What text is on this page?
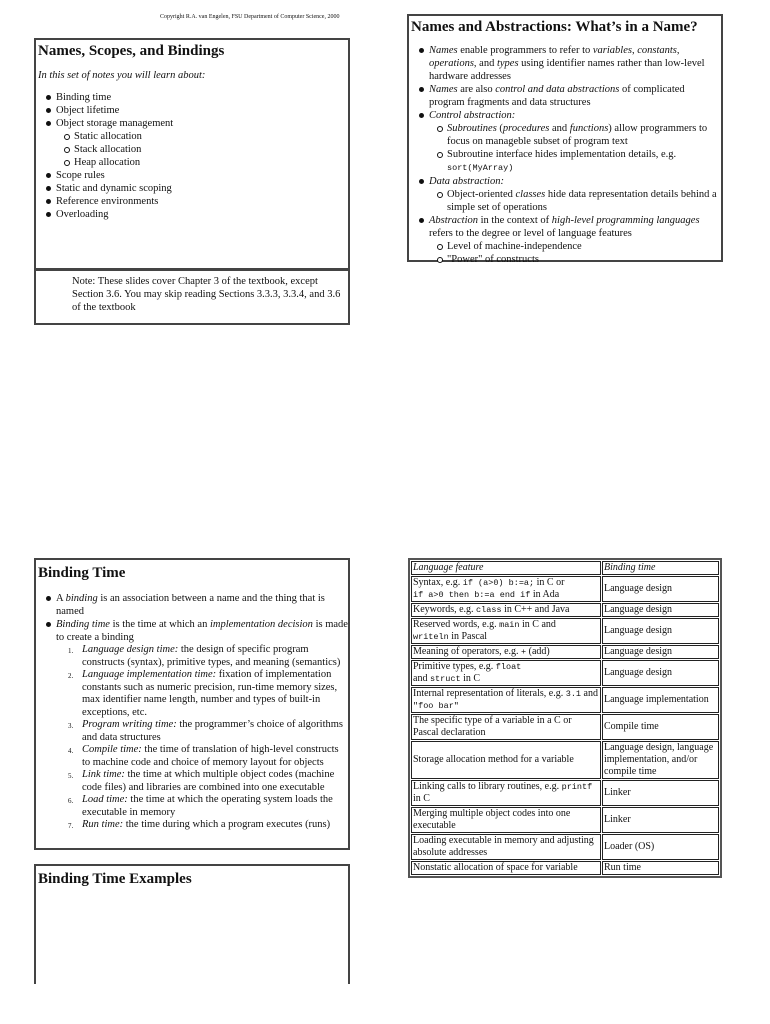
Copyright R.A. van Engelen, FSU Department of Computer Science, 2000
Names, Scopes, and Bindings
In this set of notes you will learn about:
Binding time
Object lifetime
Object storage management
Static allocation
Stack allocation
Heap allocation
Scope rules
Static and dynamic scoping
Reference environments
Overloading
Note: These slides cover Chapter 3 of the textbook, except Section 3.6. You may skip reading Sections 3.3.3, 3.3.4, and 3.6 of the textbook
Names and Abstractions: What’s in a Name?
Names enable programmers to refer to variables, constants, operations, and types using identifier names rather than low-level hardware addresses
Names are also control and data abstractions of complicated program fragments and data structures
Control abstraction:
Subroutines (procedures and functions) allow programmers to focus on manageble subset of program text
Subroutine interface hides implementation details, e.g.
sort(MyArray)
Data abstraction:
Object-oriented classes hide data representation details behind a simple set of operations
Abstraction in the context of high-level programming languages refers to the degree or level of language features
Level of machine-independence
"Power" of constructs
Binding Time
A binding is an association between a name and the thing that is named
Binding time is the time at which an implementation decision is made to create a binding
1. Language design time: the design of specific program constructs (syntax), primitive types, and meaning (semantics)
2. Language implementation time: fixation of implementation constants such as numeric precision, run-time memory sizes, max identifier name length, number and types of built-in exceptions, etc.
3. Program writing time: the programmer’s choice of algorithms and data structures
4. Compile time: the time of translation of high-level constructs to machine code and choice of memory layout for objects
5. Link time: the time at which multiple object codes (machine code files) and libraries are combined into one executable
6. Load time: the time at which the operating system loads the executable in memory
7. Run time: the time during which a program executes (runs)
Binding Time Examples
Language feature	Binding time
Syntax, e.g. if (a>0) b:=a; in C or
if a>0 then b:=a end if in Ada	Language design
Keywords, e.g. class in C++ and Java	Language design
Reserved words, e.g. main in C and
writeln in Pascal	Language design
Meaning of operators, e.g. + (add)	Language design
Primitive types, e.g. float
and struct in C	Language design
Internal representation of literals, e.g. 3.1 and "foo bar"	Language implementation
The specific type of a variable in a C or Pascal declaration	Compile time
Storage allocation method for a variable	Language design, language implementation, and/or compile time
Linking calls to library routines, e.g. printf in C	Linker
Merging multiple object codes into one executable	Linker
Loading executable in memory and adjusting absolute addresses	Loader (OS)
Nonstatic allocation of space for variable	Run time
